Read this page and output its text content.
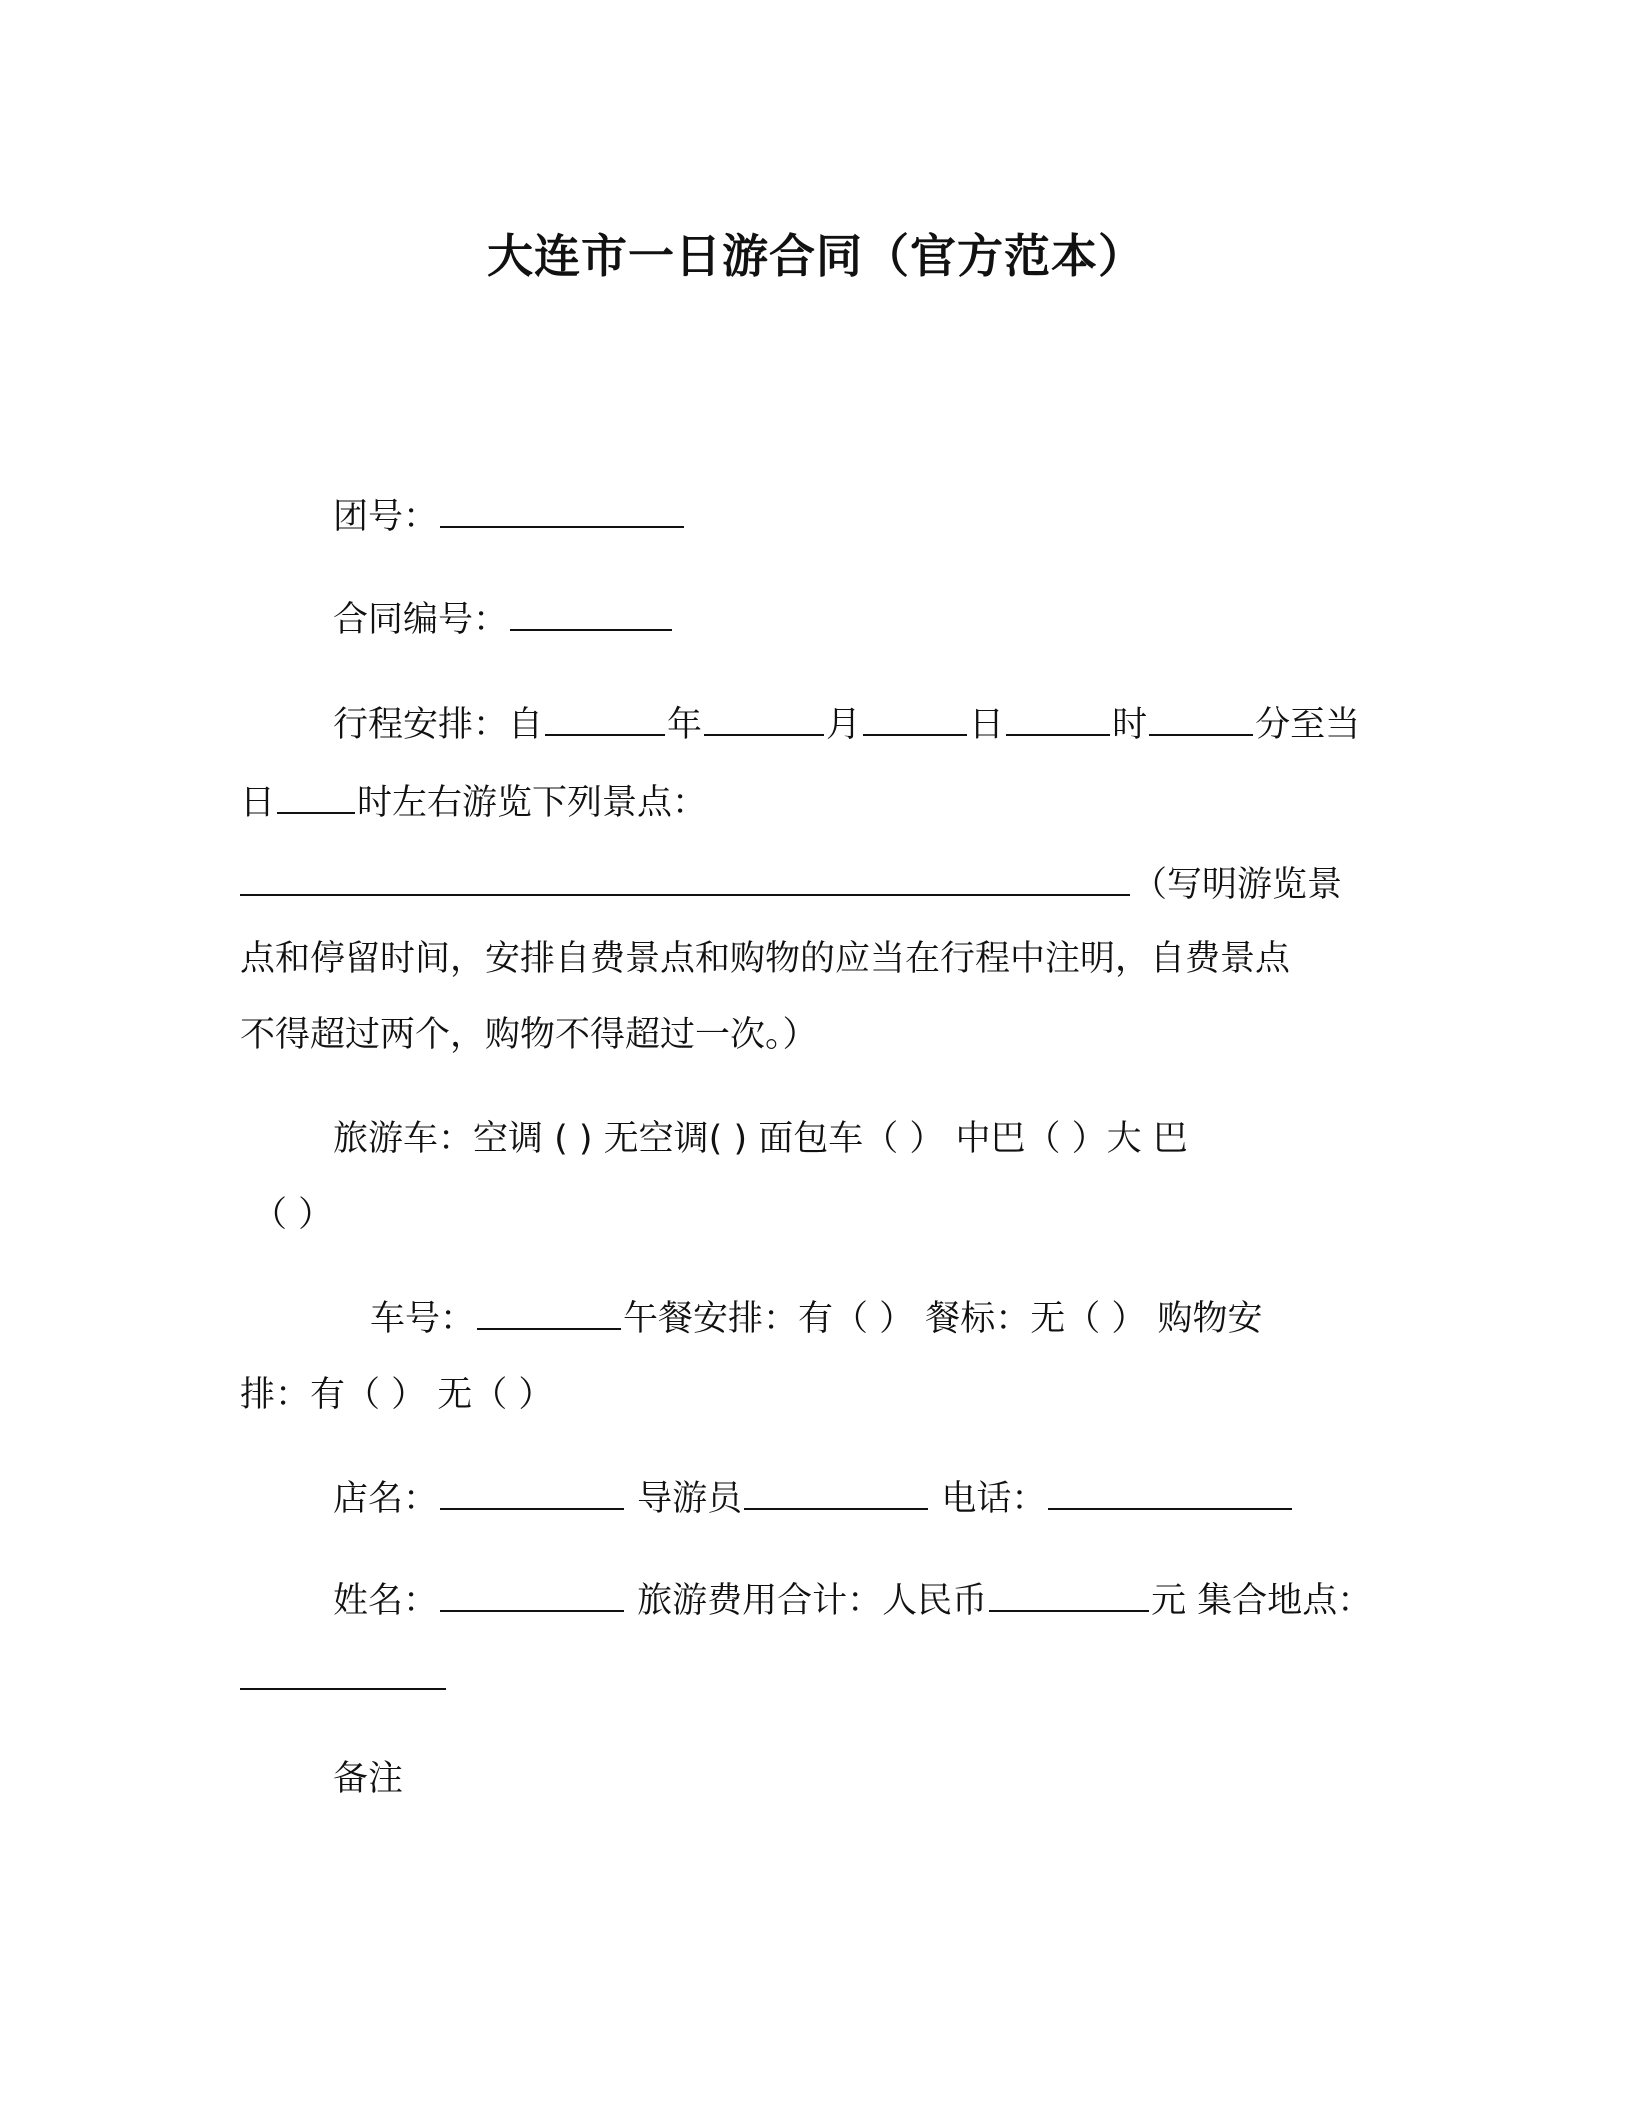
大连市一日游合同（官方范本）
团号：
合同编号：
行程安排：自	年	月	日	时	分至当
日 时左右游览下列景点：
（写明游览景
点和停留时间，安排自费景点和购物的应当在行程中注明，自费景点
不得超过两个，购物不得超过一次。）
旅游车：空调 ( ) 无空调( ) 面包车（ ） 中巴（ ）大 巴
（ ）
车号：	午餐安排：有（ ） 餐标：无（ ） 购物安
排：有（ ） 无（ ）
店名：	导游员	电话：
姓名：	旅游费用合计：人民币	元 集合地点：
备注
